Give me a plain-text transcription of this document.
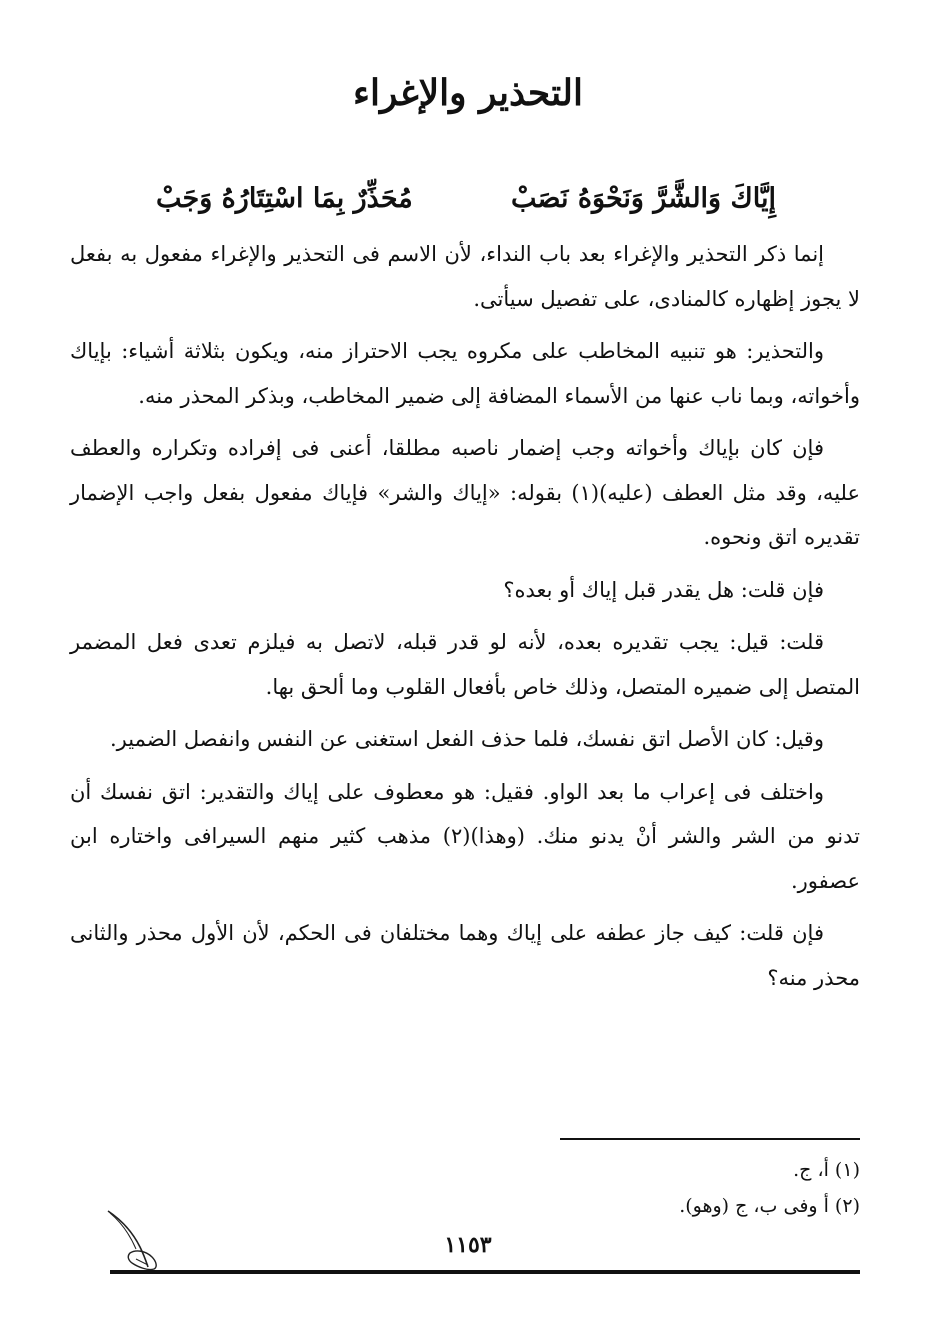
التحذير والإغراء
إِيَّاكَ وَالشَّرَّ وَنَحْوَهُ نَصَبْ
مُحَذِّرٌ بِمَا اسْتِتَارُهُ وَجَبْ

إنما ذكر التحذير والإغراء بعد باب النداء، لأن الاسم فى التحذير والإغراء مفعول به بفعل لا يجوز إظهاره كالمنادى، على تفصيل سيأتى.

والتحذير: هو تنبيه المخاطب على مكروه يجب الاحتراز منه، ويكون بثلاثة أشياء: بإياك وأخواته، وبما ناب عنها من الأسماء المضافة إلى ضمير المخاطب، وبذكر المحذر منه.

فإن كان بإياك وأخواته وجب إضمار ناصبه مطلقا، أعنى فى إفراده وتكراره والعطف عليه، وقد مثل العطف (عليه)(١) بقوله: «إياك والشر» فإياك مفعول بفعل واجب الإضمار تقديره اتق ونحوه.

فإن قلت: هل يقدر قبل إياك أو بعده؟

قلت: قيل: يجب تقديره بعده، لأنه لو قدر قبله، لاتصل به فيلزم تعدى فعل المضمر المتصل إلى ضميره المتصل، وذلك خاص بأفعال القلوب وما ألحق بها.

وقيل: كان الأصل اتق نفسك، فلما حذف الفعل استغنى عن النفس وانفصل الضمير.

واختلف فى إعراب ما بعد الواو. فقيل: هو معطوف على إياك والتقدير: اتق نفسك أن تدنو من الشر والشر أنْ يدنو منك. (وهذا)(٢) مذهب كثير منهم السيرافى واختاره ابن عصفور.

فإن قلت: كيف جاز عطفه على إياك وهما مختلفان فى الحكم، لأن الأول محذر والثانى محذر منه؟

(١) أ، ج.
(٢) أ وفى ب، ج (وهو).
١١٥٣
